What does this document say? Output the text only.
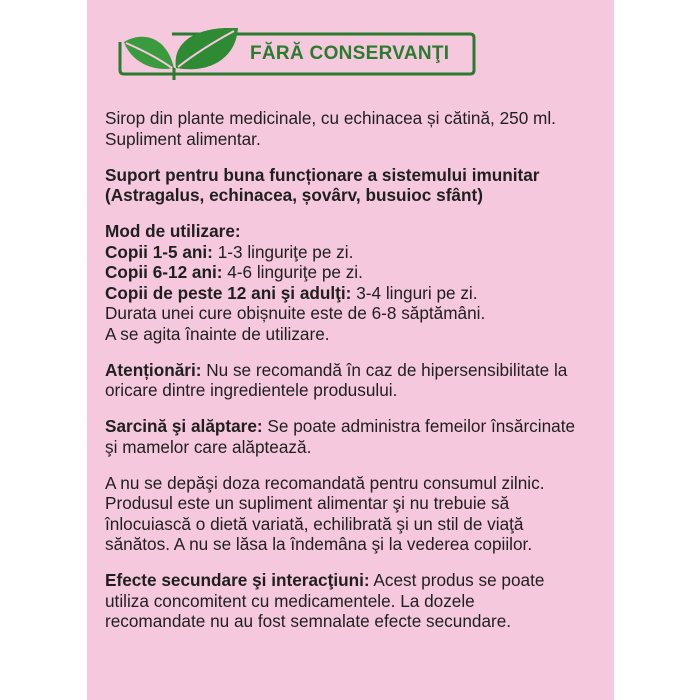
FĂRĂ CONSERVANŢI
Sirop din plante medicinale, cu echinacea și cătină, 250 ml.
Supliment alimentar.
Suport pentru buna funcționare a sistemului imunitar
(Astragalus, echinacea, șovârv, busuioc sfânt)
Mod de utilizare:
Copii 1-5 ani: 1-3 linguriţe pe zi.
Copii 6-12 ani: 4-6 linguriţe pe zi.
Copii de peste 12 ani şi adulţi: 3-4 linguri pe zi.
Durata unei cure obișnuite este de 6-8 săptămâni.
A se agita înainte de utilizare.
Atenționări: Nu se recomandă în caz de hipersensibilitate la
oricare dintre ingredientele produsului.
Sarcină şi alăptare: Se poate administra femeilor însărcinate
şi mamelor care alăptează.
A nu se depăşi doza recomandată pentru consumul zilnic.
Produsul este un supliment alimentar şi nu trebuie să
înlocuiască o dietă variată, echilibrată şi un stil de viaţă
sănătos. A nu se lăsa la îndemâna şi la vederea copiilor.
Efecte secundare şi interacţiuni: Acest produs se poate
utiliza concomitent cu medicamentele. La dozele
recomandate nu au fost semnalate efecte secundare.
